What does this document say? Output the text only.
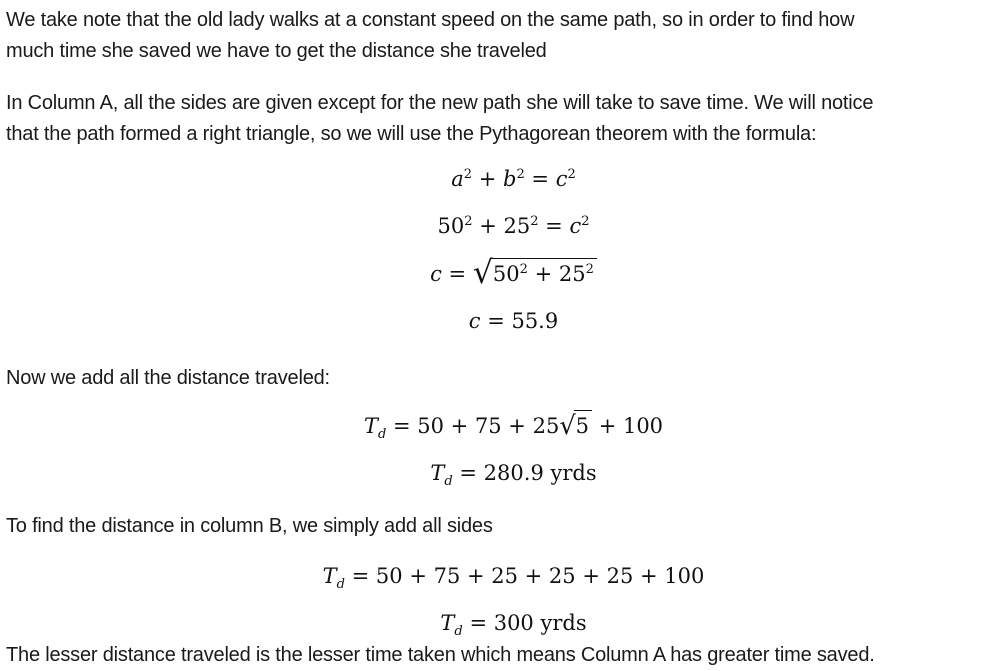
We take note that the old lady walks at a constant speed on the same path, so in order to find how
much time she saved we have to get the distance she traveled
In Column A, all the sides are given except for the new path she will take to save time. We will notice
that the path formed a right triangle, so we will use the Pythagorean theorem with the formula:
$a^2 + b^2 = c^2$
$50^2 + 25^2 = c^2$
$c = √50^2 + 25^2$
c = 55.9
Now we add all the distance traveled:
$T_d = 50 + 75 + 25√5 + 100$
$T_d = 280.9$ yrds
To find the distance in column B, we simply add all sides
$T_d = 50 + 75 + 25 + 25 + 25 + 100$
$T_d = 300$ yrds
The lesser distance traveled is the lesser time taken which means Column A has greater time saved.
